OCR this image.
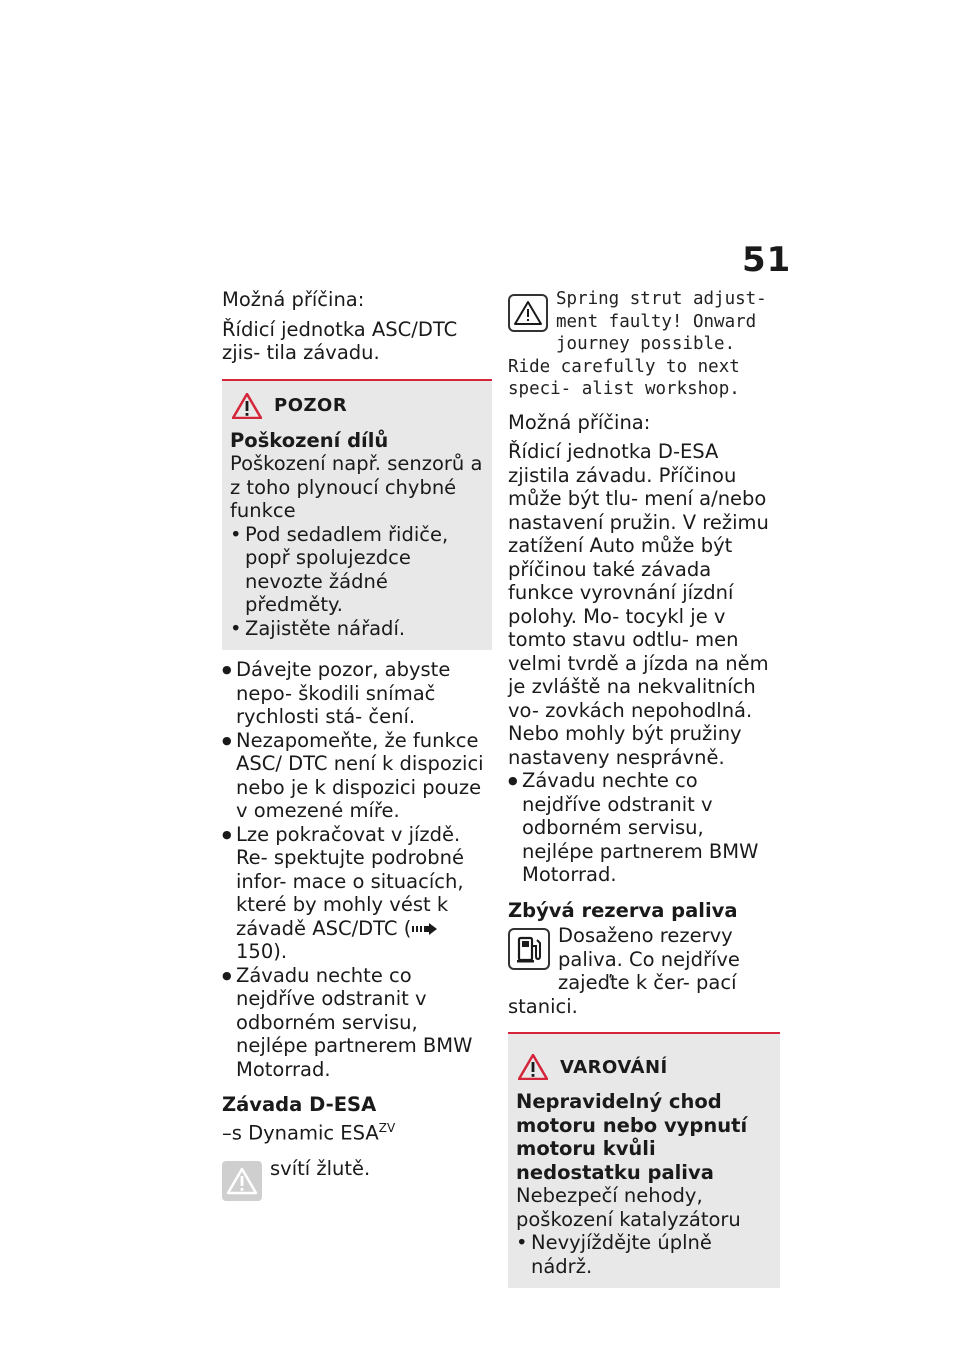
51

Možná příčina:

Řídicí jednotka ASC/DTC zjis- tila závadu.

POZOR

Poškození dílů

Poškození např. senzorů a z toho plynoucí chybné funkce

• Pod sedadlem řidiče, popř spolujezdce nevozte žádné předměty.
• Zajistěte nářadí.
● Dávejte pozor, abyste nepo- škodili snímač rychlosti stá- čení.
● Nezapomeňte, že funkce ASC/ DTC není k dispozici nebo je k dispozici pouze v omezené míře.
● Lze pokračovat v jízdě. Re- spektujte podrobné infor- mace o situacích, které by mohly vést k závadě ASC/DTC (150).
● Závadu nechte co nejdříve odstranit v odborném servisu, nejlépe partnerem BMW Motorrad.

Závada D-ESA

–s Dynamic $ESA^{ZV}$

svítí žlutě.

Spring strut adjust- ment faulty! Onward journey possible. Ride carefully to next speci- alist workshop.

Možná příčina:

Řídicí jednotka D-ESA zjistila závadu. Příčinou může být tlu- mení a/nebo nastavení pružin. V režimu zatížení Auto může být příčinou také závada funkce vyrovnání jízdní polohy. Mo- tocykl je v tomto stavu odtlu- men velmi tvrdě a jízda na něm je zvláště na nekvalitních vo- zovkách nepohodlná. Nebo mohly být pružiny nastaveny nesprávně.

● Závadu nechte co nejdříve odstranit v odborném servisu, nejlépe partnerem BMW Motorrad.

Zbývá rezerva paliva

Dosaženo rezervy paliva. Co nejdříve zajeďte k čer- pací stanici.

VAROVÁNÍ

Nepravidelný chod motoru nebo vypnutí motoru kvůli nedostatku paliva

Nebezpečí nehody, poškození katalyzátoru

• Nevyjíždějte úplně nádrž.
